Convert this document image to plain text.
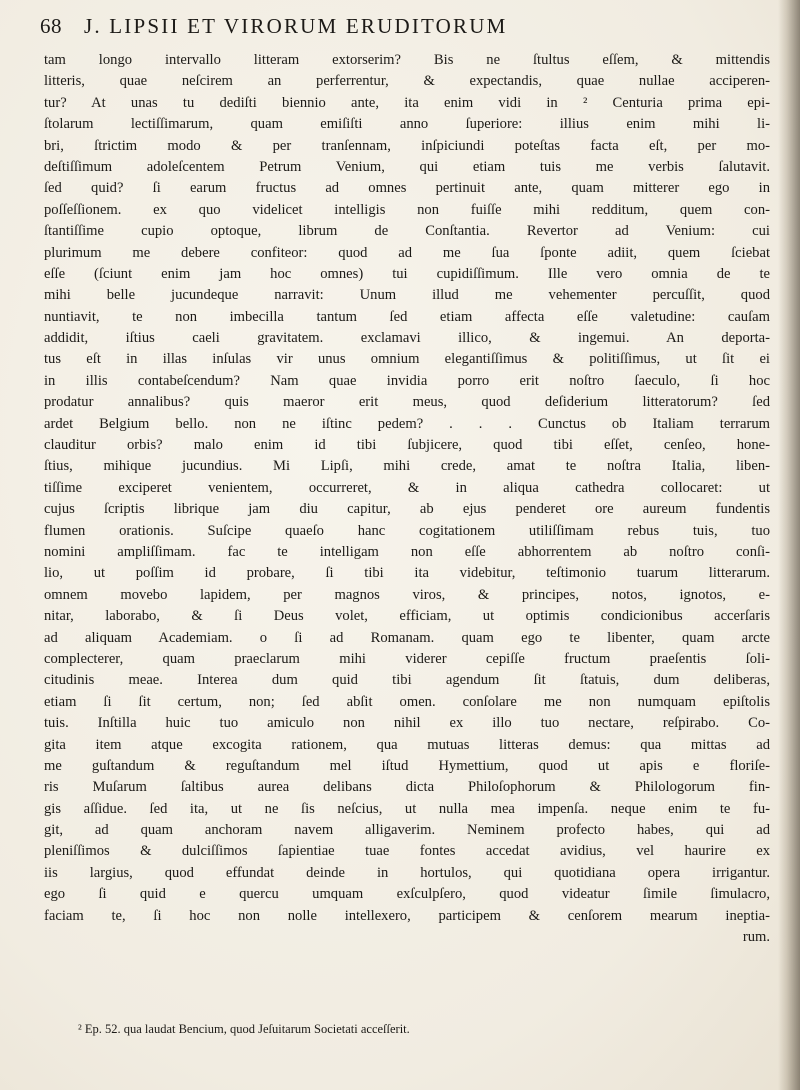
68 J. LIPSII ET VIRORUM ERUDITORUM
tam longo intervallo litteram extorserim? Bis ne ſtultus eſſem, & mittendis
litteris, quae neſcirem an perferrentur, & expectandis, quae nullae acciperen-
tur? At unas tu dediſti biennio ante, ita enim vidi in ² Centuria prima epi-
ſtolarum lectiſſimarum, quam emiſiſti anno ſuperiore: illius enim mihi li-
bri, ſtrictim modo & per tranſennam, inſpiciundi poteſtas facta eſt, per mo-
deſtiſſimum adoleſcentem Petrum Venium, qui etiam tuis me verbis ſalutavit.
ſed quid? ſi earum fructus ad omnes pertinuit ante, quam mitterer ego in
poſſeſſionem. ex quo videlicet intelligis non fuiſſe mihi redditum, quem con-
ſtantiſſime cupio optoque, librum de Conſtantia. Revertor ad Venium: cui
plurimum me debere confiteor: quod ad me ſua ſponte adiit, quem ſciebat
eſſe (ſciunt enim jam hoc omnes) tui cupidiſſimum. Ille vero omnia de te
mihi belle jucundeque narravit: Unum illud me vehementer percuſſit, quod
nuntiavit, te non imbecilla tantum ſed etiam affecta eſſe valetudine: cauſam
addidit, iſtius caeli gravitatem. exclamavi illico, & ingemui. An deporta-
tus eſt in illas inſulas vir unus omnium elegantiſſimus & politiſſimus, ut ſit ei
in illis contabeſcendum? Nam quae invidia porro erit noſtro ſaeculo, ſi hoc
prodatur annalibus? quis maeror erit meus, quod deſiderium litteratorum? ſed
ardet Belgium bello. non ne iſtinc pedem? . . . Cunctus ob Italiam terrarum
clauditur orbis? malo enim id tibi ſubjicere, quod tibi eſſet, cenſeo, hone-
ſtius, mihique jucundius. Mi Lipſi, mihi crede, amat te noſtra Italia, liben-
tiſſime exciperet venientem, occurreret, & in aliqua cathedra collocaret: ut
cujus ſcriptis librique jam diu capitur, ab ejus penderet ore aureum fundentis
flumen orationis. Suſcipe quaeſo hanc cogitationem utiliſſimam rebus tuis, tuo
nomini ampliſſimam. fac te intelligam non eſſe abhorrentem ab noſtro conſi-
lio, ut poſſim id probare, ſi tibi ita videbitur, teſtimonio tuarum litterarum.
omnem movebo lapidem, per magnos viros, & principes, notos, ignotos, e-
nitar, laborabo, & ſi Deus volet, efficiam, ut optimis condicionibus accerſaris
ad aliquam Academiam. o ſi ad Romanam. quam ego te libenter, quam arcte
complecterer, quam praeclarum mihi viderer cepiſſe fructum praeſentis ſoli-
citudinis meae. Interea dum quid tibi agendum ſit ſtatuis, dum deliberas,
etiam ſi ſit certum, non; ſed abſit omen. conſolare me non numquam epiſtolis
tuis. Inſtilla huic tuo amiculo non nihil ex illo tuo nectare, reſpirabo. Co-
gita item atque excogita rationem, qua mutuas litteras demus: qua mittas ad
me guſtandum & reguſtandum mel iſtud Hymettium, quod ut apis e floriſe-
ris Muſarum ſaltibus aurea delibans dicta Philoſophorum & Philologorum fin-
gis aſſidue. ſed ita, ut ne ſis neſcius, ut nulla mea impenſa. neque enim te fu-
git, ad quam anchoram navem alligaverim. Neminem profecto habes, qui ad
pleniſſimos & dulciſſimos ſapientiae tuae fontes accedat avidius, vel haurire ex
iis largius, quod effundat deinde in hortulos, qui quotidiana opera irrigantur.
ego ſi quid e quercu umquam exſculpſero, quod videatur ſimile ſimulacro,
faciam te, ſi hoc non nolle intellexero, participem & cenſorem mearum ineptia-
rum.
² Ep. 52. qua laudat Bencium, quod Jeſuitarum Societati acceſſerit.
